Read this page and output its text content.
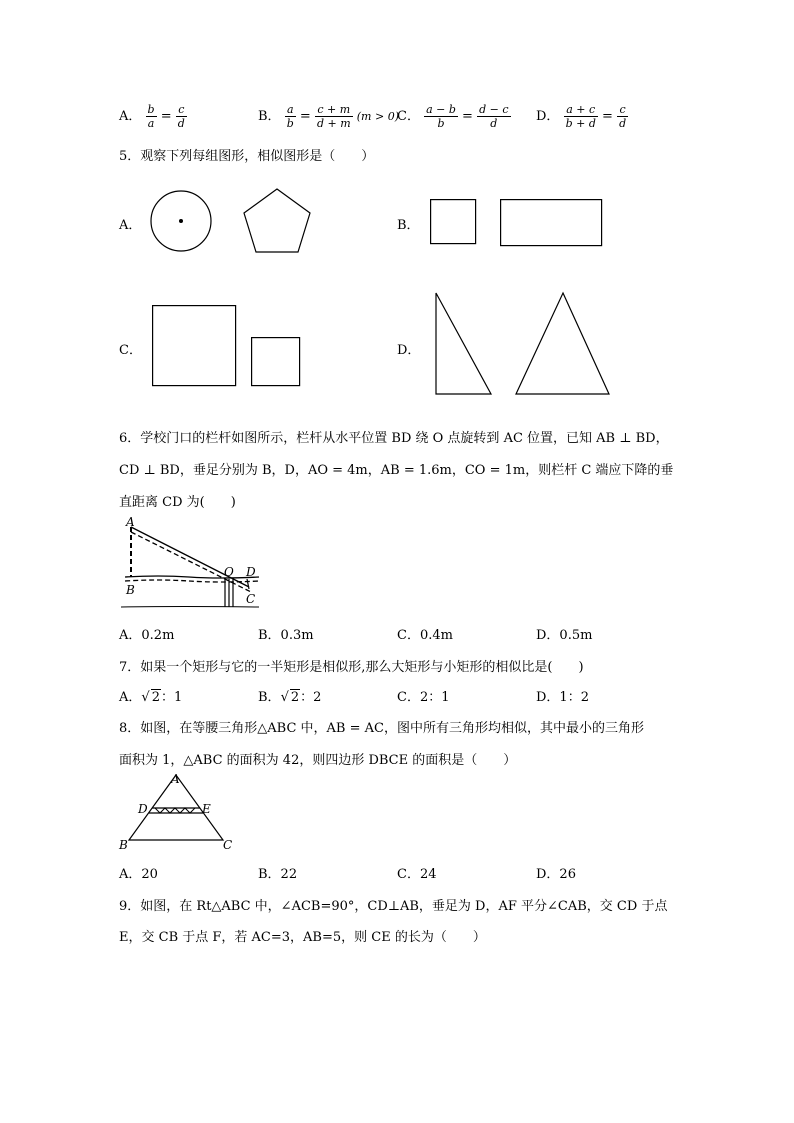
A． $\frac{b}{a} = \frac{c}{d}$	B． $\frac{a}{b} = \frac{c + m}{d + m} (m > 0)$
C． $\frac{a - b}{b} = \frac{d - c}{d}$ D． $\frac{a + c}{b + d} = \frac{c}{d}$
5．观察下列每组图形，相似图形是（　　）
A．	B．
C．	D．
6．学校门口的栏杆如图所示，栏杆从水平位置 BD 绕 O 点旋转到 AC 位置，已知 AB ⊥ BD，
CD ⊥ BD，垂足分别为 B，D，AO = 4m，AB = 1.6m，CO = 1m，则栏杆 C 端应下降的垂
直距离 CD 为(　　)
A
B
O D
C
A．0.2m	B．0.3m	C．0.4m	D．0.5m
7．如果一个矩形与它的一半矩形是相似形,那么大矩形与小矩形的相似比是(　　)
A．√ 2：1	B．√ 2：2	C．2：1	D．1：2
8．如图，在等腰三角形△ABC 中，AB = AC，图中所有三角形均相似，其中最小的三角形
面积为 1，△ABC 的面积为 42，则四边形 DBCE 的面积是（　　）
A
D	E
B	C
A．20	B．22	C．24	D．26
9．如图，在 Rt△ABC 中，∠ACB=90°，CD⊥AB，垂足为 D，AF 平分∠CAB，交 CD 于点
E，交 CB 于点 F，若 AC=3，AB=5，则 CE 的长为（　　）
